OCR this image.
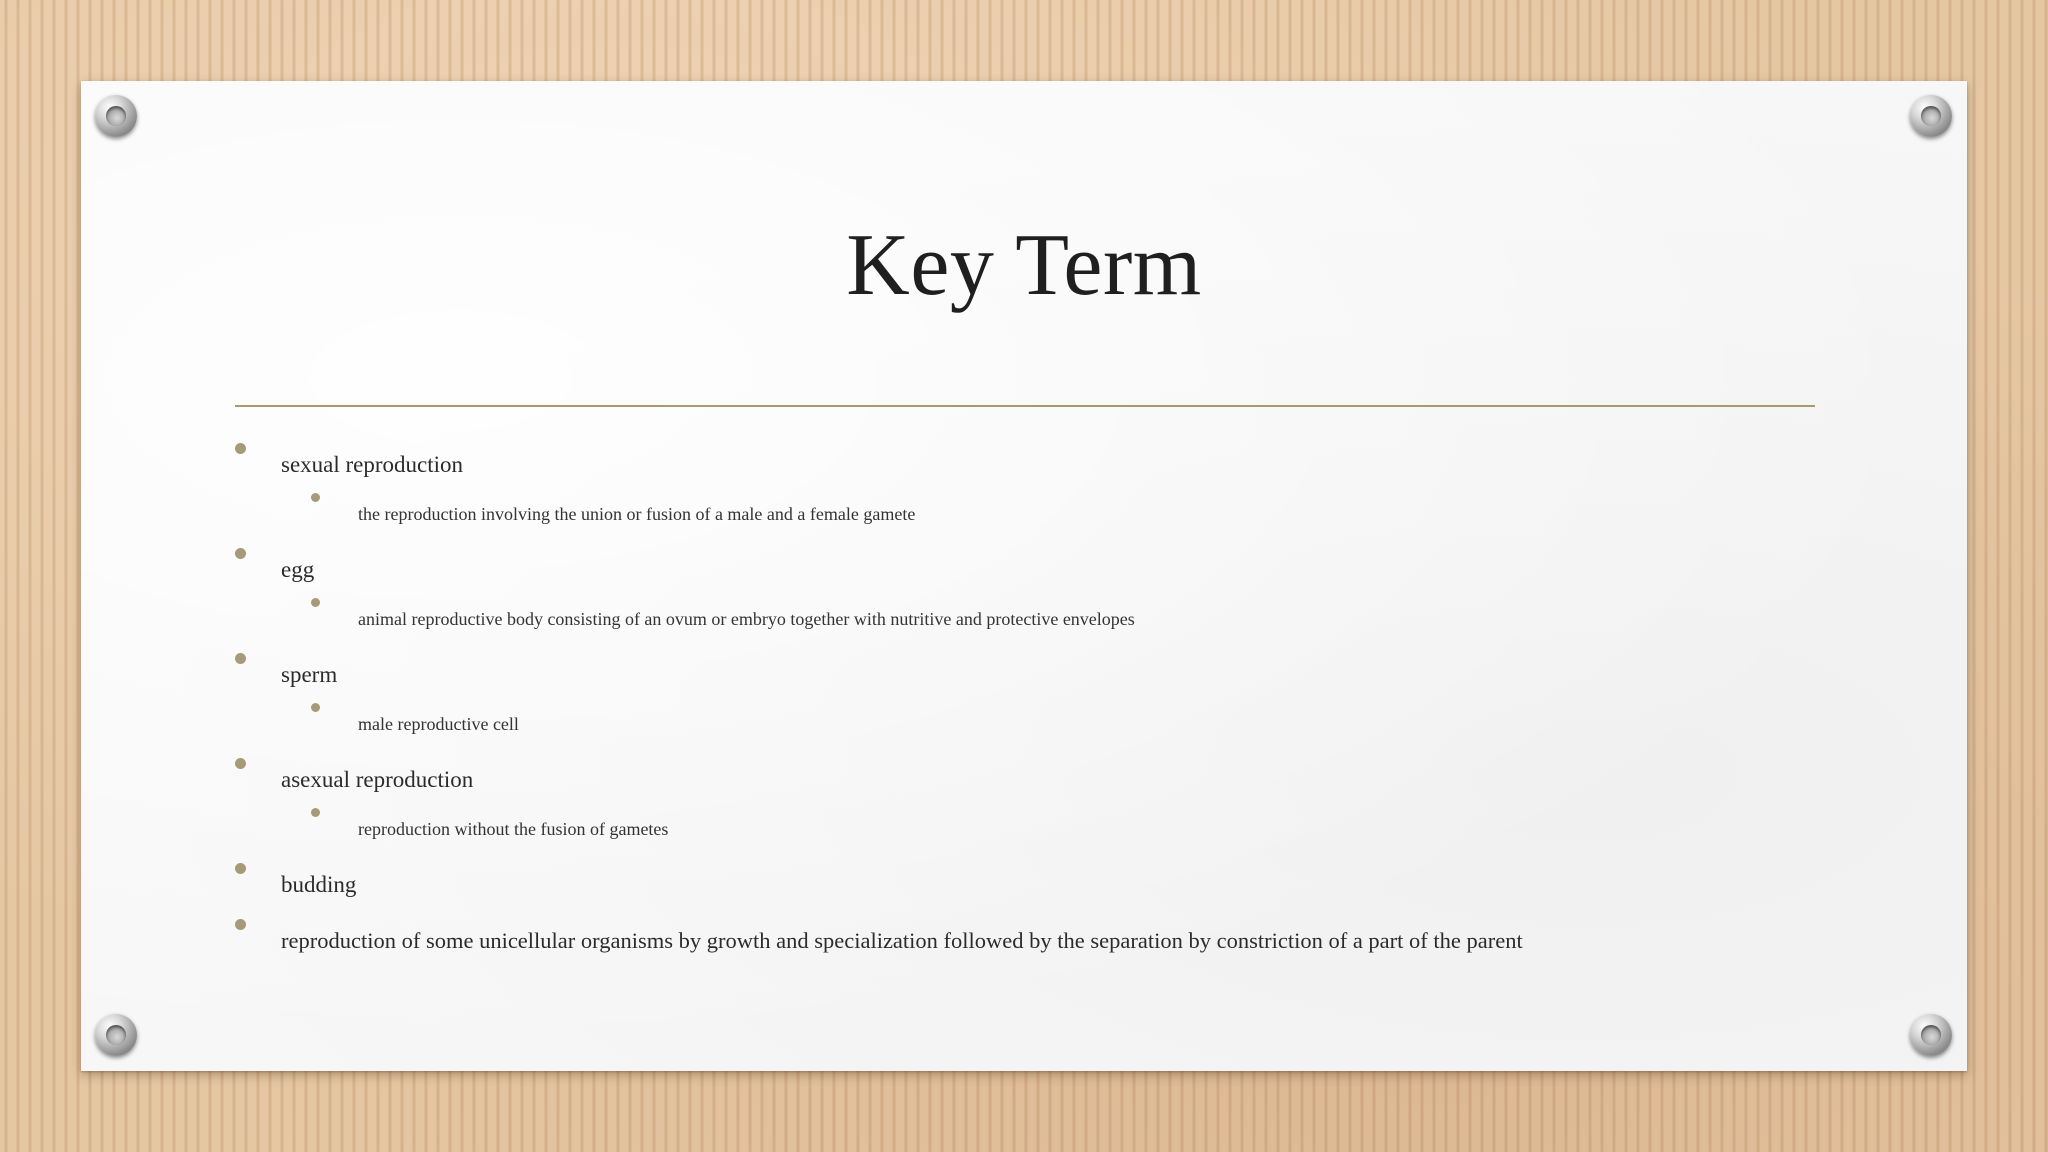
Key Term
sexual reproduction
the reproduction involving the union or fusion of a male and a female gamete
egg
animal reproductive body consisting of an ovum or embryo together with nutritive and protective envelopes
sperm
male reproductive cell
asexual reproduction
reproduction without the fusion of gametes
budding
reproduction of some unicellular organisms by growth and specialization followed by the separation by constriction of a part of the parent
